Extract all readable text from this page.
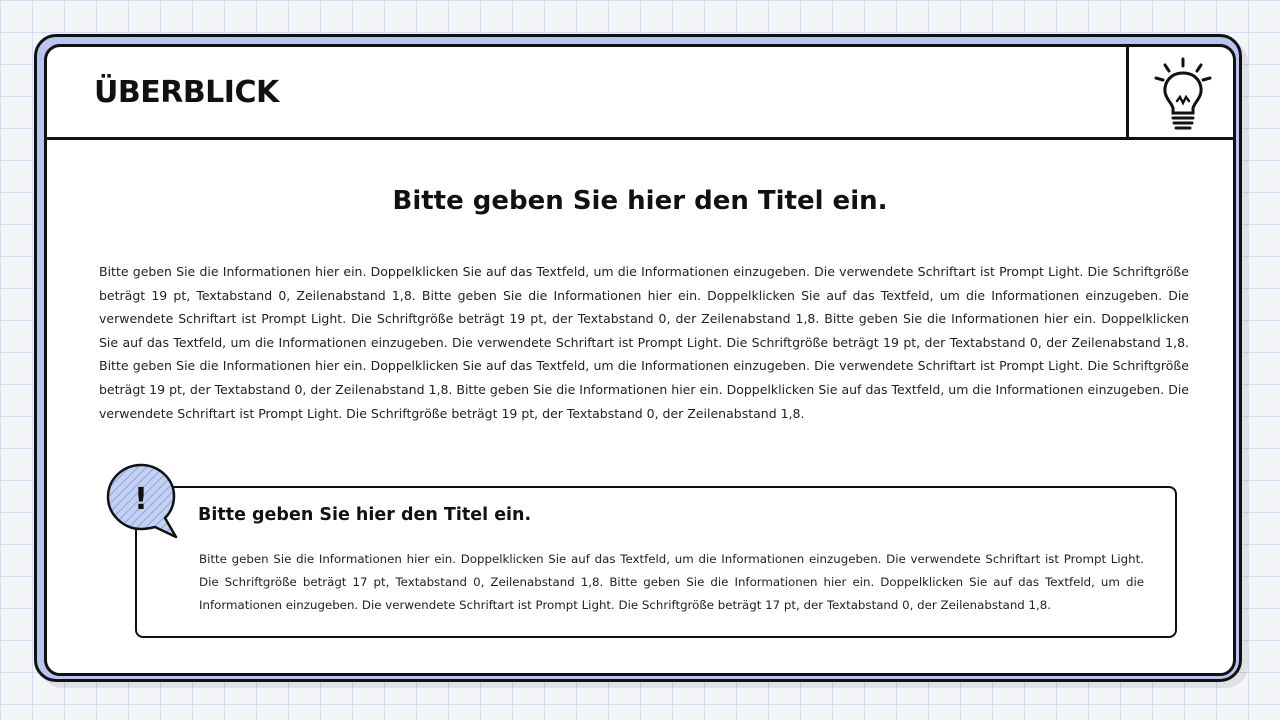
ÜBERBLICK
Bitte geben Sie hier den Titel ein.

Bitte geben Sie die Informationen hier ein. Doppelklicken Sie auf das Textfeld, um die Informationen einzugeben. Die verwendete Schriftart ist Prompt Light. Die Schriftgröße beträgt 19 pt, Textabstand 0, Zeilenabstand 1,8. Bitte geben Sie die Informationen hier ein. Doppelklicken Sie auf das Textfeld, um die Informationen einzugeben. Die verwendete Schriftart ist Prompt Light. Die Schriftgröße beträgt 19 pt, der Textabstand 0, der Zeilenabstand 1,8. Bitte geben Sie die Informationen hier ein. Doppelklicken Sie auf das Textfeld, um die Informationen einzugeben. Die verwendete Schriftart ist Prompt Light. Die Schriftgröße beträgt 19 pt, der Textabstand 0, der Zeilenabstand 1,8. Bitte geben Sie die Informationen hier ein. Doppelklicken Sie auf das Textfeld, um die Informationen einzugeben. Die verwendete Schriftart ist Prompt Light. Die Schriftgröße beträgt 19 pt, der Textabstand 0, der Zeilenabstand 1,8. Bitte geben Sie die Informationen hier ein. Doppelklicken Sie auf das Textfeld, um die Informationen einzugeben. Die verwendete Schriftart ist Prompt Light. Die Schriftgröße beträgt 19 pt, der Textabstand 0, der Zeilenabstand 1,8.

Bitte geben Sie hier den Titel ein.

Bitte geben Sie die Informationen hier ein. Doppelklicken Sie auf das Textfeld, um die Informationen einzugeben. Die verwendete Schriftart ist Prompt Light. Die Schriftgröße beträgt 17 pt, Textabstand 0, Zeilenabstand 1,8. Bitte geben Sie die Informationen hier ein. Doppelklicken Sie auf das Textfeld, um die Informationen einzugeben. Die verwendete Schriftart ist Prompt Light. Die Schriftgröße beträgt 17 pt, der Textabstand 0, der Zeilenabstand 1,8.

!
